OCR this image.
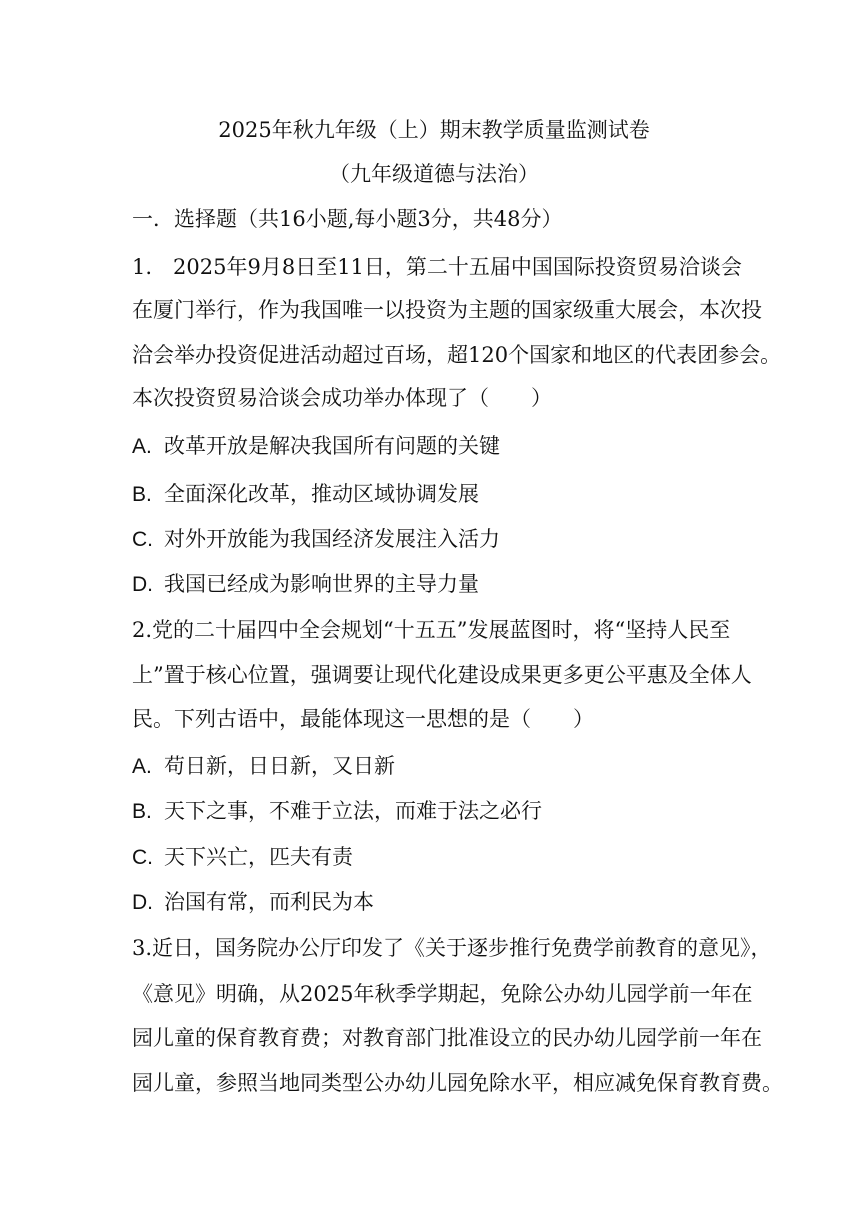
2025年秋九年级（上）期末教学质量监测试卷
（九年级道德与法治）
一．选择题（共16小题,每小题3分，共48分）
1.　2025年9月8日至11日，第二十五届中国国际投资贸易洽谈会
在厦门举行，作为我国唯一以投资为主题的国家级重大展会，本次投
洽会举办投资促进活动超过百场，超120个国家和地区的代表团参会。
本次投资贸易洽谈会成功举办体现了（　　）
A. 改革开放是解决我国所有问题的关键
B. 全面深化改革，推动区域协调发展
C. 对外开放能为我国经济发展注入活力
D. 我国已经成为影响世界的主导力量
2.党的二十届四中全会规划“十五五”发展蓝图时，将“坚持人民至
上”置于核心位置，强调要让现代化建设成果更多更公平惠及全体人
民。下列古语中，最能体现这一思想的是（　　）
A. 苟日新，日日新，又日新
B. 天下之事，不难于立法，而难于法之必行
C. 天下兴亡，匹夫有责
D. 治国有常，而利民为本
3.近日，国务院办公厅印发了《关于逐步推行免费学前教育的意见》，
《意见》明确，从2025年秋季学期起，免除公办幼儿园学前一年在
园儿童的保育教育费；对教育部门批准设立的民办幼儿园学前一年在
园儿童，参照当地同类型公办幼儿园免除水平，相应减免保育教育费。
